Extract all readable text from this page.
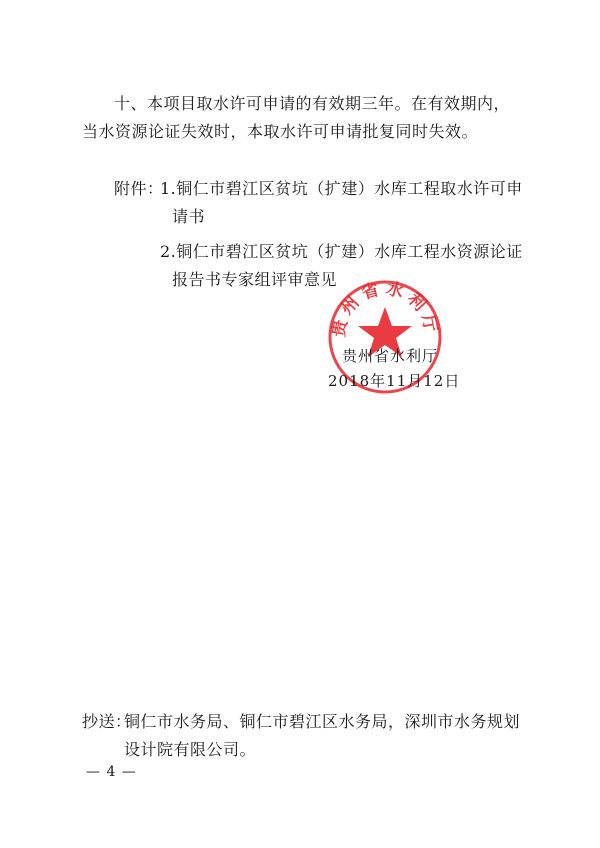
十、本项目取水许可申请的有效期三年。在有效期内，当水资源论证失效时，本取水许可申请批复同时失效。

附件：

1.铜仁市碧江区贫坑（扩建）水库工程取水许可申请书

2.铜仁市碧江区贫坑（扩建）水库工程水资源论证报告书专家组评审意见

贵州省水利厅
2018年11月12日
贵州省水利厅
抄送：

铜仁市水务局、铜仁市碧江区水务局，深圳市水务规划设计院有限公司。

— 4 —
